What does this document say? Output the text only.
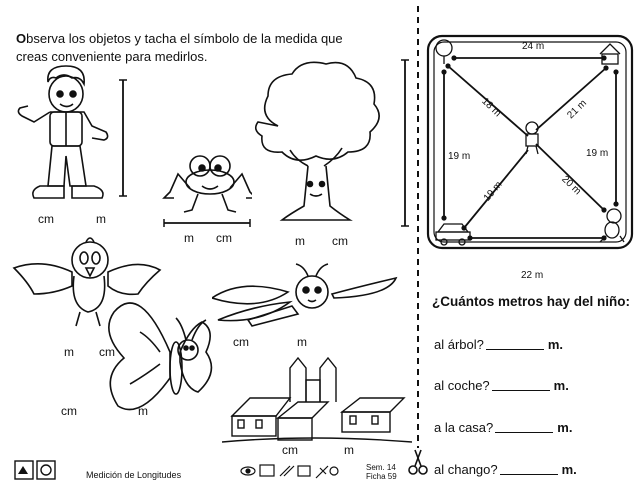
Observa los objetos y tacha el símbolo de la medida que
creas conveniente para medirlos.
cm	m
m cm	m cm
m cm
cm	m
cm	m
cm	m
24 m
18 m	21 m
19 m	19 m
19 m	20 m
22 m
¿Cuántos metros hay del niño:
al árbol?	m.
al coche?	m.
a la casa?	m.
al chango?	m.
Medición de Longitudes
Sem. 14
Ficha 59
